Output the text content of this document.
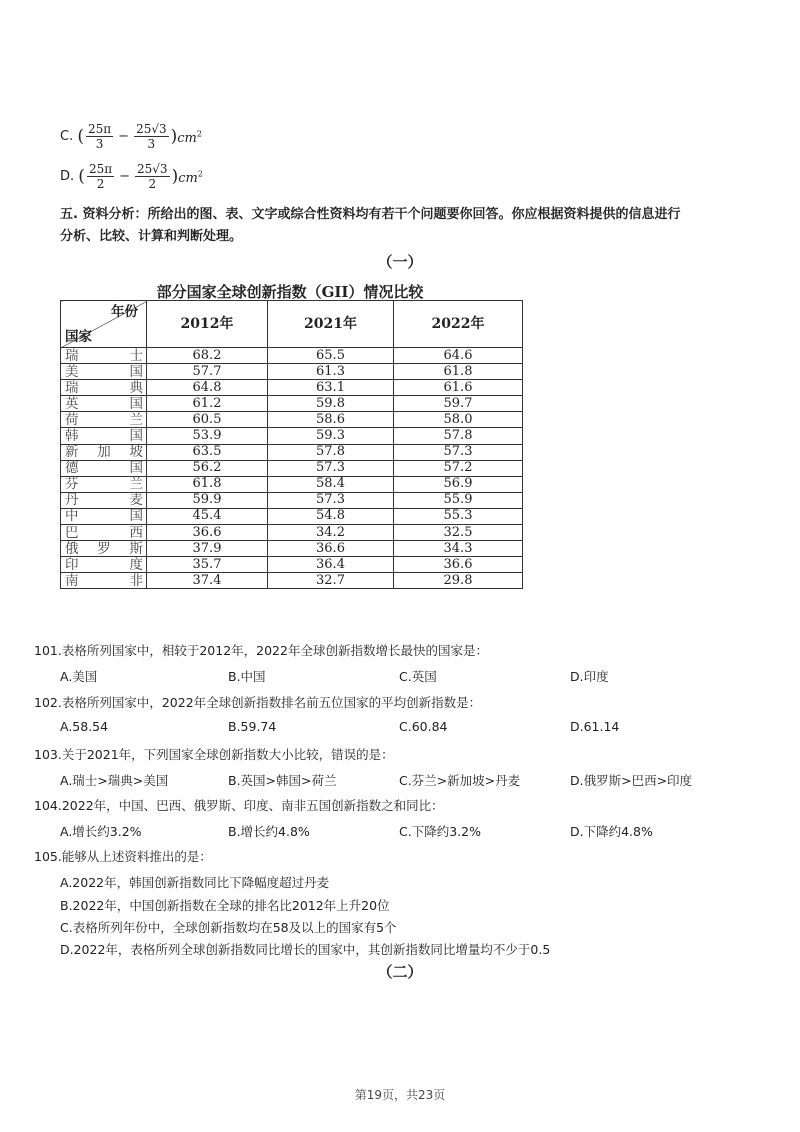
C. ( $\frac{25\pi}{3} - \frac{25√3}{3} )cm^2$
D. ( $\frac{25\pi}{2} - \frac{25√3}{2} )cm^2$
五. 资料分析：所给出的图、表、文字或综合性资料均有若干个问题要你回答。你应根据资料提供的信息进行
分析、比较、计算和判断处理。
（一）
部分国家全球创新指数（GII）情况比较
年份
国家	2012年	2021年	2022年

瑞 士	68.2	65.5	64.6

美 国	57.7	61.3	61.8

瑞 典	64.8	63.1	61.6

英 国	61.2	59.8	59.7

荷 兰	60.5	58.6	58.0

韩 国	53.9	59.3	57.8

新 加 坡	63.5	57.8	57.3

德 国	56.2	57.3	57.2

芬 兰	61.8	58.4	56.9

丹 麦	59.9	57.3	55.9

中 国	45.4	54.8	55.3

巴 西	36.6	34.2	32.5

俄 罗 斯	37.9	36.6	34.3

印 度	35.7	36.4	36.6

南 非	37.4	32.7	29.8
101.表格所列国家中，相较于2012年，2022年全球创新指数增长最快的国家是：
A.美国	B.中国	C.英国	D.印度
102.表格所列国家中，2022年全球创新指数排名前五位国家的平均创新指数是：
A.58.54	B.59.74	C.60.84	D.61.14
103.关于2021年，下列国家全球创新指数大小比较，错误的是：
A.瑞士>瑞典>美国	B.英国>韩国>荷兰	C.芬兰>新加坡>丹麦	D.俄罗斯>巴西>印度
104.2022年，中国、巴西、俄罗斯、印度、南非五国创新指数之和同比：
A.增长约3.2%	B.增长约4.8%	C.下降约3.2%	D.下降约4.8%
105.能够从上述资料推出的是：
A.2022年，韩国创新指数同比下降幅度超过丹麦
B.2022年，中国创新指数在全球的排名比2012年上升20位
C.表格所列年份中，全球创新指数均在58及以上的国家有5个
D.2022年，表格所列全球创新指数同比增长的国家中，其创新指数同比增量均不少于0.5
（二）
第19页，共23页
